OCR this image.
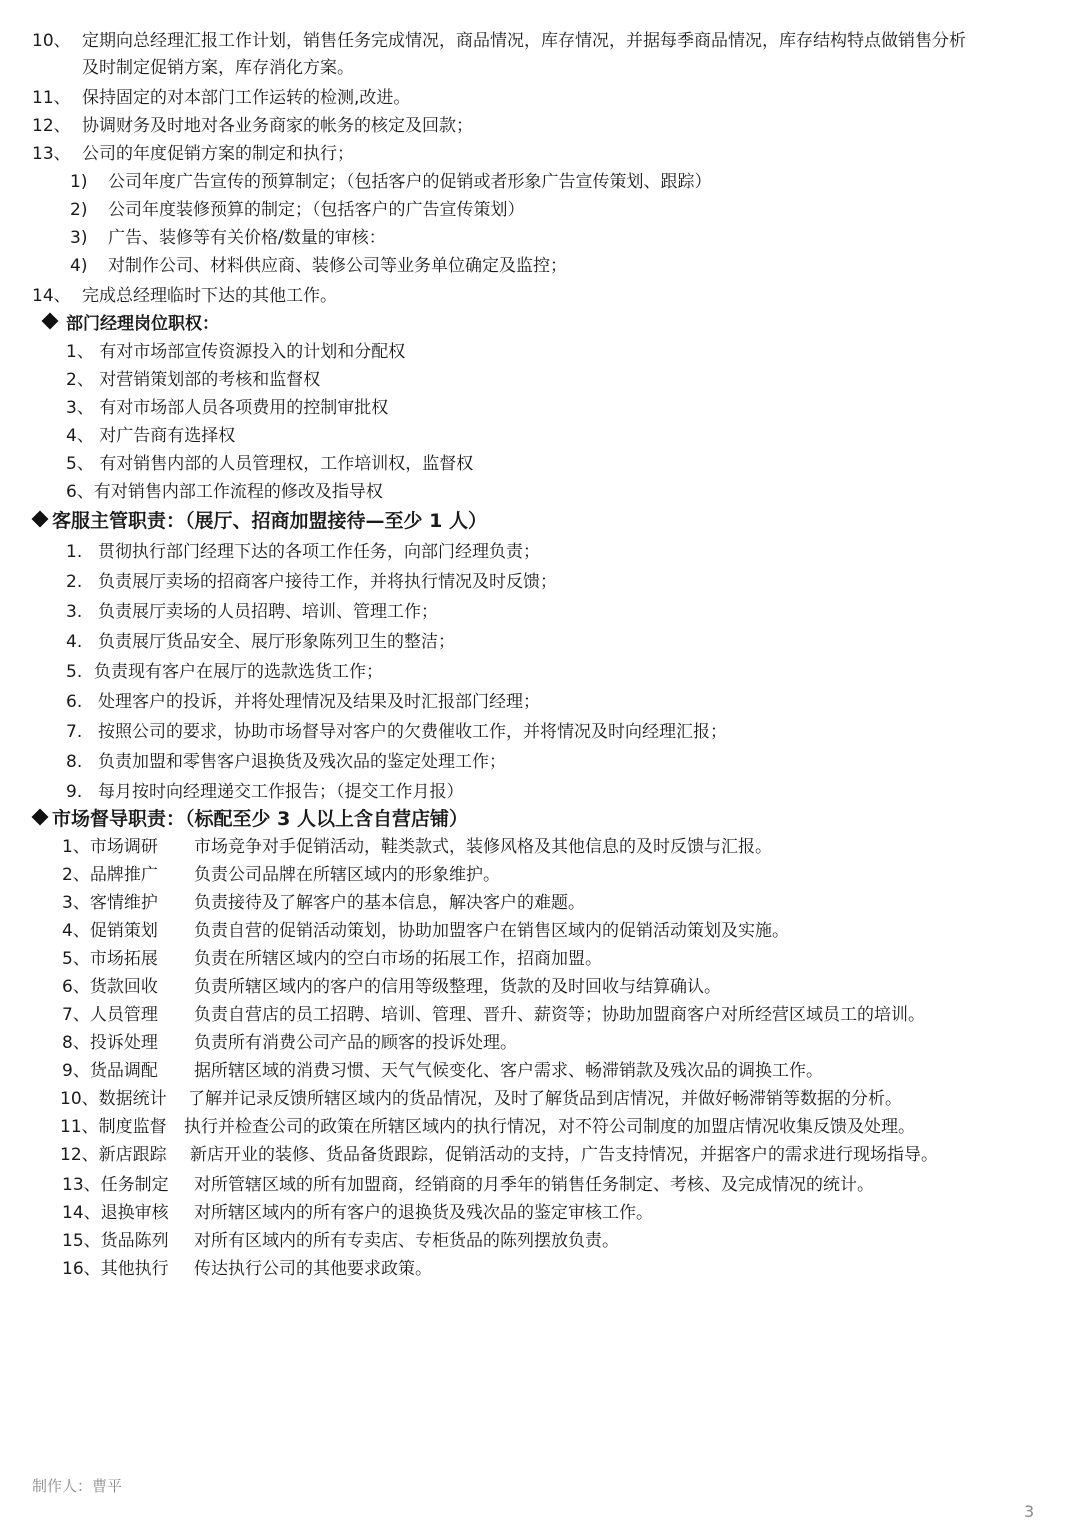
10、 定期向总经理汇报工作计划，销售任务完成情况，商品情况，库存情况，并据每季商品情况，库存结构特点做销售分析
及时制定促销方案，库存消化方案。
11、 保持固定的对本部门工作运转的检测,改进。
12、 协调财务及时地对各业务商家的帐务的核定及回款；
13、 公司的年度促销方案的制定和执行；
1) 公司年度广告宣传的预算制定；（包括客户的促销或者形象广告宣传策划、跟踪）
2) 公司年度装修预算的制定；（包括客户的广告宣传策划）
3) 广告、装修等有关价格/数量的审核：
4) 对制作公司、材料供应商、装修公司等业务单位确定及监控；
14、 完成总经理临时下达的其他工作。
部门经理岗位职权：
1、 有对市场部宣传资源投入的计划和分配权
2、 对营销策划部的考核和监督权
3、 有对市场部人员各项费用的控制审批权
4、 对广告商有选择权
5、 有对销售内部的人员管理权，工作培训权，监督权
6、有对销售内部工作流程的修改及指导权
客服主管职责：（展厅、招商加盟接待—至少 1 人）
1. 贯彻执行部门经理下达的各项工作任务，向部门经理负责；
2. 负责展厅卖场的招商客户接待工作，并将执行情况及时反馈；
3. 负责展厅卖场的人员招聘、培训、管理工作；
4. 负责展厅货品安全、展厅形象陈列卫生的整洁；
5. 负责现有客户在展厅的选款选货工作；
6. 处理客户的投诉，并将处理情况及结果及时汇报部门经理；
7. 按照公司的要求，协助市场督导对客户的欠费催收工作，并将情况及时向经理汇报；
8. 负责加盟和零售客户退换货及残次品的鉴定处理工作；
9. 每月按时向经理递交工作报告；（提交工作月报）
市场督导职责：（标配至少 3 人以上含自营店铺）
1、市场调研 市场竞争对手促销活动，鞋类款式，装修风格及其他信息的及时反馈与汇报。
2、品牌推广 负责公司品牌在所辖区域内的形象维护。
3、客情维护 负责接待及了解客户的基本信息，解决客户的难题。
4、促销策划 负责自营的促销活动策划，协助加盟客户在销售区域内的促销活动策划及实施。
5、市场拓展 负责在所辖区域内的空白市场的拓展工作，招商加盟。
6、货款回收 负责所辖区域内的客户的信用等级整理，货款的及时回收与结算确认。
7、人员管理 负责自营店的员工招聘、培训、管理、晋升、薪资等；协助加盟商客户对所经营区域员工的培训。
8、投诉处理 负责所有消费公司产品的顾客的投诉处理。
9、货品调配 据所辖区域的消费习惯、天气气候变化、客户需求、畅滞销款及残次品的调换工作。
10、数据统计 了解并记录反馈所辖区域内的货品情况，及时了解货品到店情况，并做好畅滞销等数据的分析。
11、制度监督 执行并检查公司的政策在所辖区域内的执行情况，对不符公司制度的加盟店情况收集反馈及处理。
12、新店跟踪 新店开业的装修、货品备货跟踪，促销活动的支持，广告支持情况，并据客户的需求进行现场指导。
13、任务制定 对所管辖区域的所有加盟商，经销商的月季年的销售任务制定、考核、及完成情况的统计。
14、退换审核 对所辖区域内的所有客户的退换货及残次品的鉴定审核工作。
15、货品陈列 对所有区域内的所有专卖店、专柜货品的陈列摆放负责。
16、其他执行 传达执行公司的其他要求政策。
制作人：曹平
3
